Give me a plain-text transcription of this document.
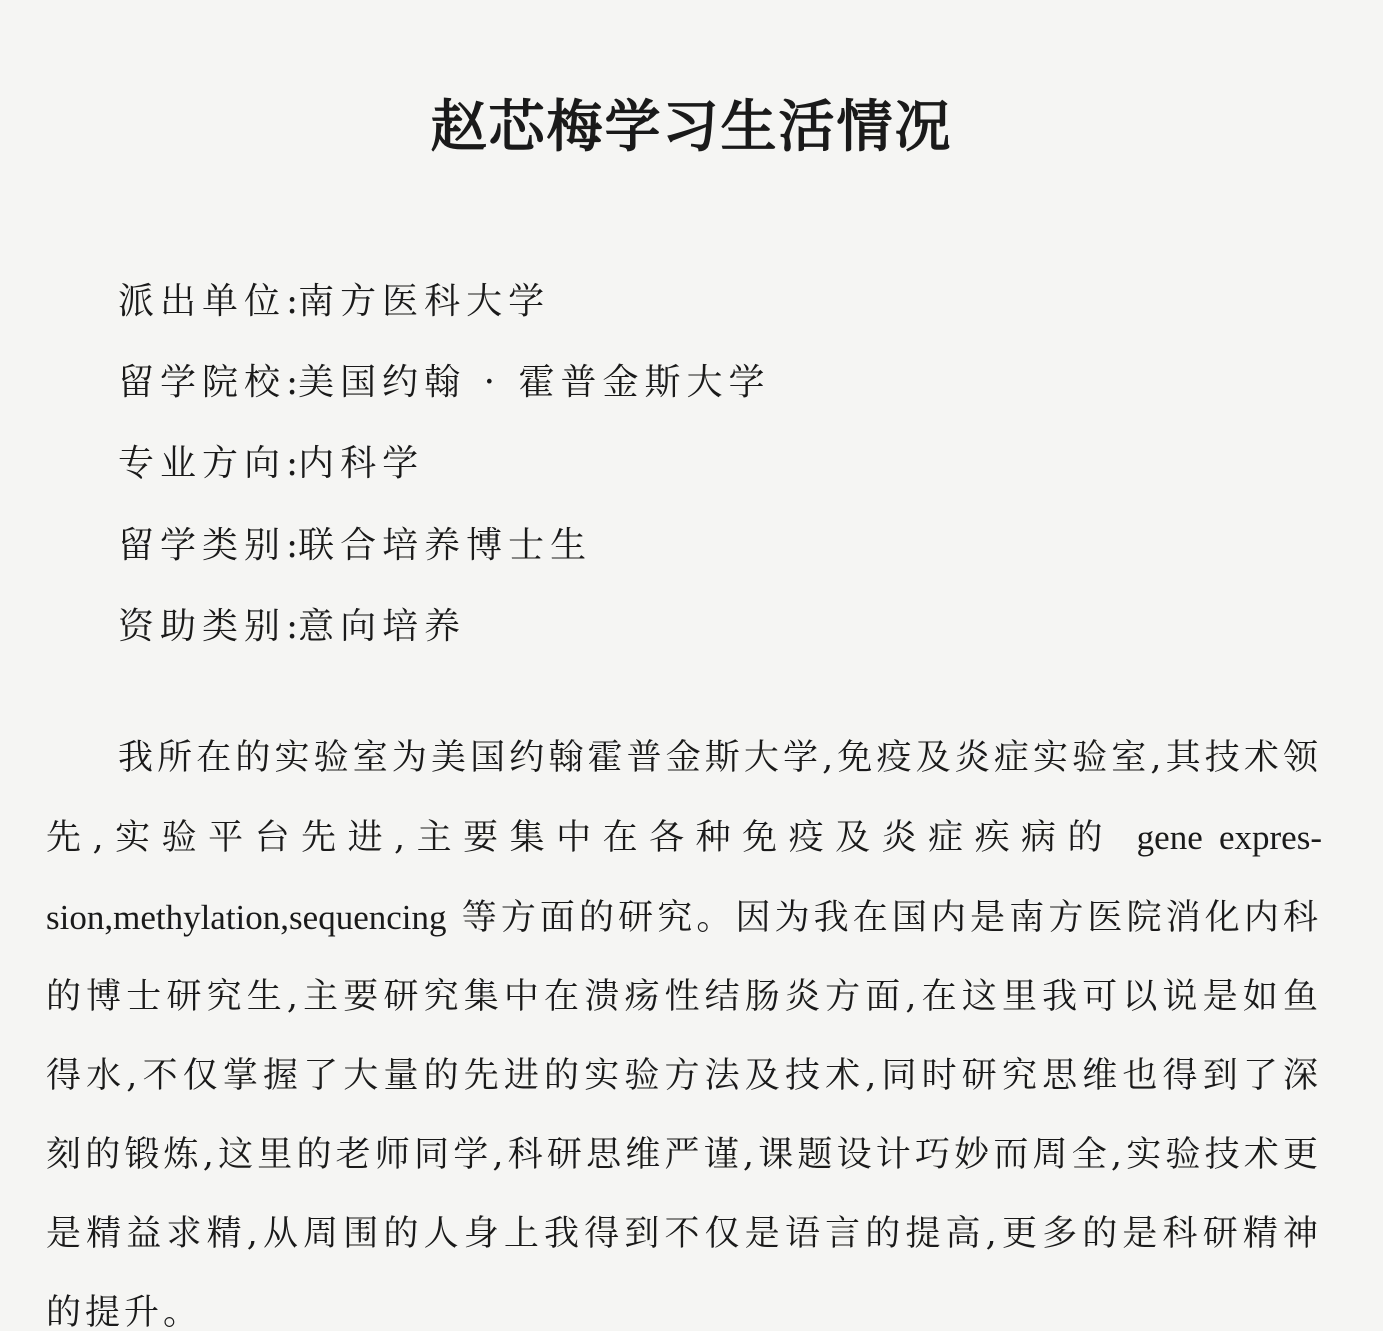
赵芯梅学习生活情况
派出单位:南方医科大学
留学院校:美国约翰 · 霍普金斯大学
专业方向:内科学
留学类别:联合培养博士生
资助类别:意向培养

我所在的实验室为美国约翰霍普金斯大学,免疫及炎症实验室,其技术领先,实验平台先进,主要集中在各种免疫及炎症疾病的 gene expres-sion,methylation,sequencing 等方面的研究。因为我在国内是南方医院消化内科的博士研究生,主要研究集中在溃疡性结肠炎方面,在这里我可以说是如鱼得水,不仅掌握了大量的先进的实验方法及技术,同时研究思维也得到了深刻的锻炼,这里的老师同学,科研思维严谨,课题设计巧妙而周全,实验技术更是精益求精,从周围的人身上我得到不仅是语言的提高,更多的是科研精神的提升。
